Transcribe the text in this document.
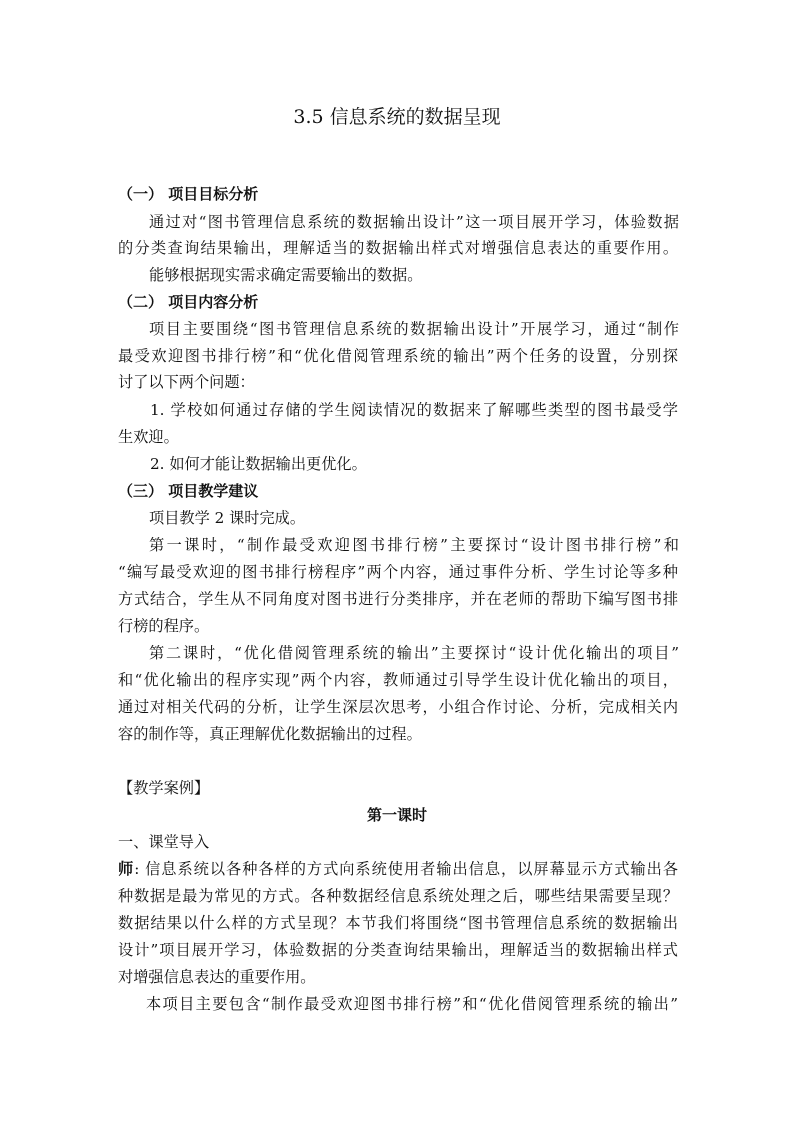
3.5 信息系统的数据呈现
（一） 项目目标分析
通过对“图书管理信息系统的数据输出设计”这一项目展开学习，体验数据
的分类查询结果输出，理解适当的数据输出样式对增强信息表达的重要作用。
能够根据现实需求确定需要输出的数据。
（二） 项目内容分析
项目主要围绕“图书管理信息系统的数据输出设计”开展学习，通过“制作
最受欢迎图书排行榜”和“优化借阅管理系统的输出”两个任务的设置，分别探
讨了以下两个问题：
1. 学校如何通过存储的学生阅读情况的数据来了解哪些类型的图书最受学
生欢迎。
2. 如何才能让数据输出更优化。
（三） 项目教学建议
项目教学 2 课时完成。
第一课时，“制作最受欢迎图书排行榜”主要探讨“设计图书排行榜”和
“编写最受欢迎的图书排行榜程序”两个内容，通过事件分析、学生讨论等多种
方式结合，学生从不同角度对图书进行分类排序，并在老师的帮助下编写图书排
行榜的程序。
第二课时，“优化借阅管理系统的输出”主要探讨“设计优化输出的项目”
和“优化输出的程序实现”两个内容，教师通过引导学生设计优化输出的项目，
通过对相关代码的分析，让学生深层次思考，小组合作讨论、分析，完成相关内
容的制作等，真正理解优化数据输出的过程。
【教学案例】
第一课时
一、课堂导入
师: 信息系统以各种各样的方式向系统使用者输出信息，以屏幕显示方式输出各
种数据是最为常见的方式。各种数据经信息系统处理之后，哪些结果需要呈现？
数据结果以什么样的方式呈现？本节我们将围绕“图书管理信息系统的数据输出
设计”项目展开学习，体验数据的分类查询结果输出，理解适当的数据输出样式
对增强信息表达的重要作用。
本项目主要包含“制作最受欢迎图书排行榜”和“优化借阅管理系统的输出”
